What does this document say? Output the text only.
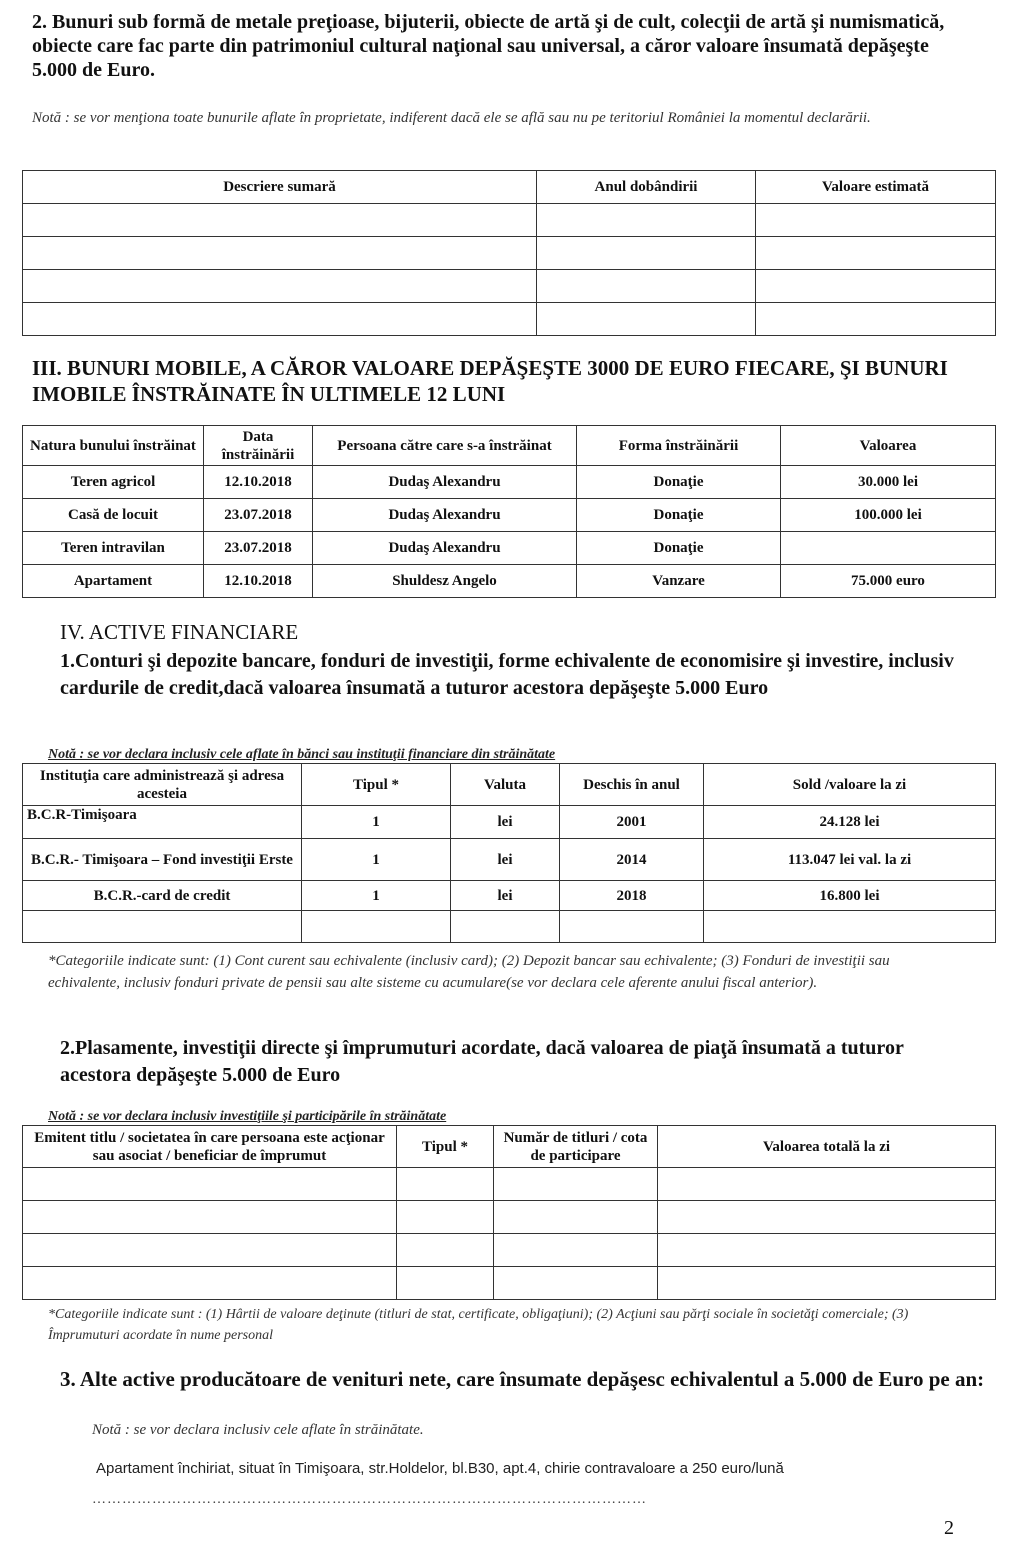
2. Bunuri sub formă de metale preţioase, bijuterii, obiecte de artă şi de cult, colecţii de artă şi numismatică, obiecte care fac parte din patrimoniul cultural naţional sau universal, a căror valoare însumată depăşeşte 5.000 de Euro.

Notă : se vor menţiona toate bunurile aflate în proprietate, indiferent dacă ele se află sau nu pe teritoriul României la momentul declarării.
Descriere sumară	Anul dobândirii	Valoare estimată

III. BUNURI MOBILE, A CĂROR VALOARE DEPĂŞEŞTE 3000 DE EURO FIECARE, ŞI BUNURI IMOBILE ÎNSTRĂINATE ÎN ULTIMELE 12 LUNI

Natura bunului înstrăinat	Data înstrăinării	Persoana către care s-a înstrăinat	Forma înstrăinării	Valoarea
Teren agricol	12.10.2018	Dudaş Alexandru	Donaţie	30.000 lei
Casă de locuit	23.07.2018	Dudaş Alexandru	Donaţie	100.000 lei
Teren intravilan	23.07.2018	Dudaş Alexandru	Donaţie	
Apartament	12.10.2018	Shuldesz Angelo	Vanzare	75.000 euro

IV. ACTIVE FINANCIARE

1.Conturi şi depozite bancare, fonduri de investiţii, forme echivalente de economisire şi investire, inclusiv cardurile de credit,dacă valoarea însumată a tuturor acestora depăşeşte 5.000 Euro

Notă : se vor declara inclusiv cele aflate în bănci sau instituţii financiare din străinătate
Instituţia care administrează şi adresa acesteia	Tipul *	Valuta	Deschis în anul	Sold /valoare la zi
B.C.R-Timişoara	1	lei	2001	24.128 lei
B.C.R.- Timişoara – Fond investiţii Erste	1	lei	2014	113.047 lei val. la zi
B.C.R.-card de credit	1	lei	2018	16.800 lei

*Categoriile indicate sunt: (1) Cont curent sau echivalente (inclusiv card); (2) Depozit bancar sau echivalente; (3) Fonduri de investiţii sau echivalente, inclusiv fonduri private de pensii sau alte sisteme cu acumulare(se vor declara cele aferente anului fiscal anterior).

2.Plasamente, investiţii directe şi împrumuturi acordate, dacă valoarea de piaţă însumată a tuturor acestora depăşeşte 5.000 de Euro

Notă : se vor declara inclusiv investiţiile şi participările în străinătate
Emitent titlu / societatea în care persoana este acţionar sau asociat / beneficiar de împrumut	Tipul *	Număr de titluri / cota de participare	Valoarea totală la zi

*Categoriile indicate sunt : (1) Hârtii de valoare deţinute (titluri de stat, certificate, obligaţiuni); (2) Acţiuni sau părţi sociale în societăţi comerciale; (3) Împrumuturi acordate în nume personal

3. Alte active producătoare de venituri nete, care însumate depăşesc echivalentul a 5.000 de Euro pe an:

Notă : se vor declara inclusiv cele aflate în străinătate.
Apartament închiriat, situat în Timişoara, str.Holdelor, bl.B30, apt.4, chirie contravaloare a 250 euro/lună
…………………………………………………………………………………………………
2
